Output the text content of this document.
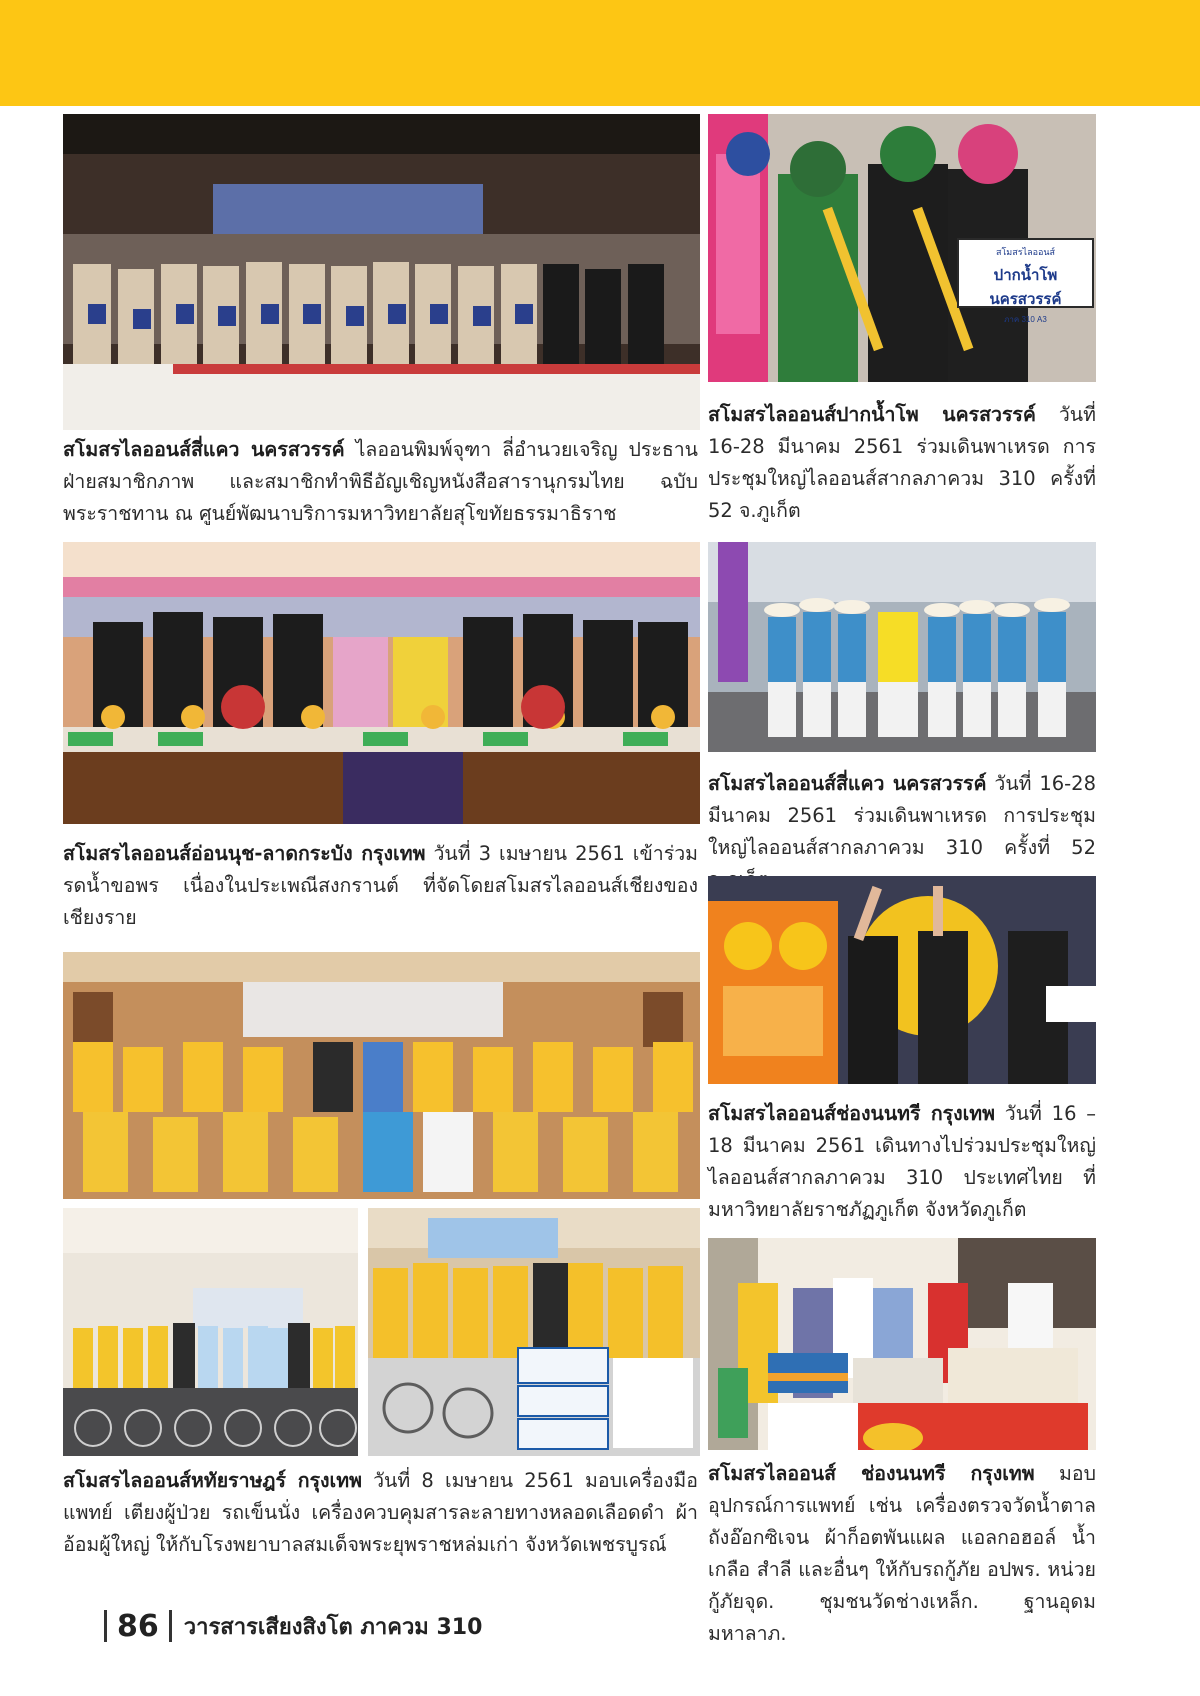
สโมสรไลออนส์
ปากน้ำโพ นครสวรรค์
ภาค 310 A3

สโมสรไลออนส์สี่แคว นครสวรรค์ ไลออนพิมพ์จุฑา ลี่อำนวยเจริญ ประธานฝ่ายสมาชิกภาพ และสมาชิกทำพิธีอัญเชิญหนังสือสารานุกรมไทย ฉบับพระราชทาน ณ ศูนย์พัฒนาบริการมหาวิทยาลัยสุโขทัยธรรมาธิราช

สโมสรไลออนส์ปากน้ำโพ นครสวรรค์ วันที่ 16-28 มีนาคม 2561 ร่วมเดินพาเหรด การประชุมใหญ่ไลออนส์สากลภาควม 310 ครั้งที่ 52 จ.ภูเก็ต

สโมสรไลออนส์อ่อนนุช-ลาดกระบัง กรุงเทพ วันที่ 3 เมษายน 2561 เข้าร่วมรดน้ำขอพร เนื่องในประเพณีสงกรานต์ ที่จัดโดยสโมสรไลออนส์เชียงของ เชียงราย

สโมสรไลออนส์สี่แคว นครสวรรค์ วันที่ 16-28 มีนาคม 2561 ร่วมเดินพาเหรด การประชุมใหญ่ไลออนส์สากลภาควม 310 ครั้งที่ 52

สโมสรไลออนส์ช่องนนทรี กรุงเทพ วันที่ 16 – 18 มีนาคม 2561 เดินทางไปร่วมประชุมใหญ่ไลออนส์สากลภาควม 310 ประเทศไทย ที่มหาวิทยาลัยราชภัฏภูเก็ต จังหวัดภูเก็ต

สโมสรไลออนส์หทัยราษฎร์ กรุงเทพ วันที่ 8 เมษายน 2561 มอบเครื่องมือแพทย์ เตียงผู้ป่วย รถเข็นนั่ง เครื่องควบคุมสารละลายทางหลอดเลือดดำ ผ้าอ้อมผู้ใหญ่ ให้กับโรงพยาบาลสมเด็จพระยุพราชหล่มเก่า จังหวัดเพชรบูรณ์

สโมสรไลออนส์ ช่องนนทรี กรุงเทพ มอบอุปกรณ์การแพทย์ เช่น เครื่องตรวจวัดน้ำตาล ถังอ๊อกซิเจน ผ้าก็อตพันแผล แอลกอฮอล์ น้ำเกลือ สำลี และอื่นๆ ให้กับรถกู้ภัย อปพร. หน่วยกู้ภัยจุด. ชุมชนวัดช่างเหล็ก. ฐานอุดม มหาลาภ.

86 วารสารเสียงสิงโต ภาควม 310
